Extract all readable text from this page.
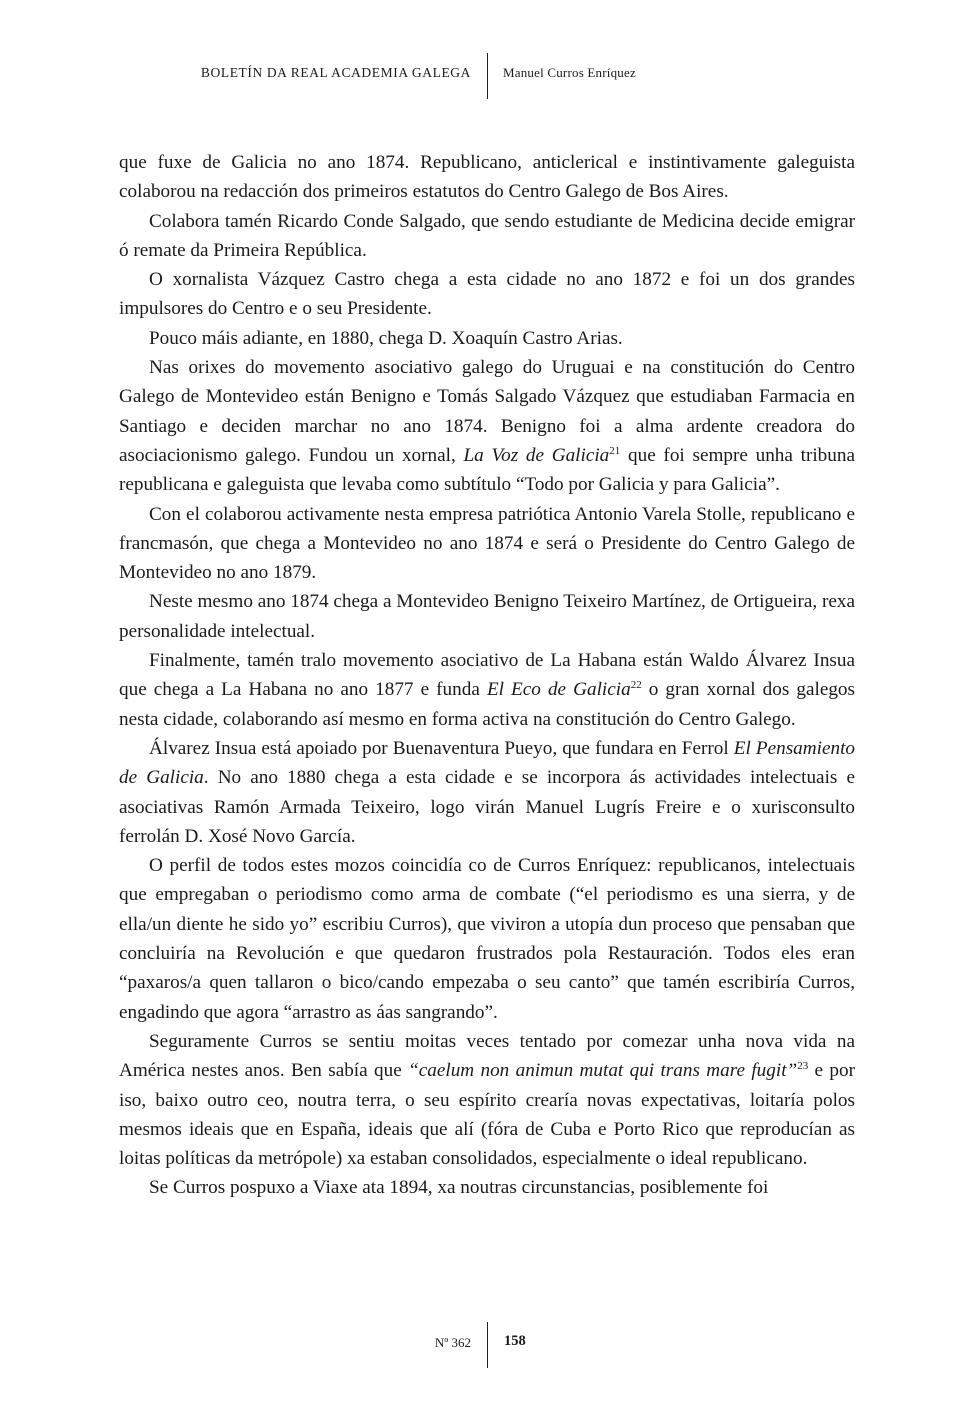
BOLETÍN DA REAL ACADEMIA GALEGA Manuel Curros Enríquez

que fuxe de Galicia no ano 1874. Republicano, anticlerical e instintivamente galeguista colaborou na redacción dos primeiros estatutos do Centro Galego de Bos Aires.

Colabora tamén Ricardo Conde Salgado, que sendo estudiante de Medicina decide emigrar ó remate da Primeira República.

O xornalista Vázquez Castro chega a esta cidade no ano 1872 e foi un dos grandes impulsores do Centro e o seu Presidente.

Pouco máis adiante, en 1880, chega D. Xoaquín Castro Arias.

Nas orixes do movemento asociativo galego do Uruguai e na constitución do Centro Galego de Montevideo están Benigno e Tomás Salgado Vázquez que estudiaban Farmacia en Santiago e deciden marchar no ano 1874. Benigno foi a alma ardente creadora do asociacionismo galego. Fundou un xornal, La Voz de Galicia$^{21}$ que foi sempre unha tribuna republicana e galeguista que levaba como subtítulo “Todo por Galicia y para Galicia”.

Con el colaborou activamente nesta empresa patriótica Antonio Varela Stolle, republicano e francmasón, que chega a Montevideo no ano 1874 e será o Presidente do Centro Galego de Montevideo no ano 1879.

Neste mesmo ano 1874 chega a Montevideo Benigno Teixeiro Martínez, de Ortigueira, rexa personalidade intelectual.

Finalmente, tamén tralo movemento asociativo de La Habana están Waldo Álvarez Insua que chega a La Habana no ano 1877 e funda El Eco de Galicia$^{22}$ o gran xornal dos galegos nesta cidade, colaborando así mesmo en forma activa na constitución do Centro Galego.

Álvarez Insua está apoiado por Buenaventura Pueyo, que fundara en Ferrol El Pensamiento de Galicia. No ano 1880 chega a esta cidade e se incorpora ás actividades intelectuais e asociativas Ramón Armada Teixeiro, logo virán Manuel Lugrís Freire e o xurisconsulto ferrolán D. Xosé Novo García.

O perfil de todos estes mozos coincidía co de Curros Enríquez: republicanos, intelectuais que empregaban o periodismo como arma de combate (“el periodismo es una sierra, y de ella/un diente he sido yo” escribiu Curros), que viviron a utopía dun proceso que pensaban que concluiría na Revolución e que quedaron frustrados pola Restauración. Todos eles eran “paxaros/a quen tallaron o bico/cando empezaba o seu canto” que tamén escribiría Curros, engadindo que agora “arrastro as áas sangrando”.

Seguramente Curros se sentiu moitas veces tentado por comezar unha nova vida na América nestes anos. Ben sabía que “caelum non animun mutat qui trans mare fugit”$^{23}$ e por iso, baixo outro ceo, noutra terra, o seu espírito crearía novas expectativas, loitaría polos mesmos ideais que en España, ideais que alí (fóra de Cuba e Porto Rico que reproducían as loitas políticas da metrópole) xa estaban consolidados, especialmente o ideal republicano.

Se Curros pospuxo a Viaxe ata 1894, xa noutras circunstancias, posiblemente foi

Nº 362 158
